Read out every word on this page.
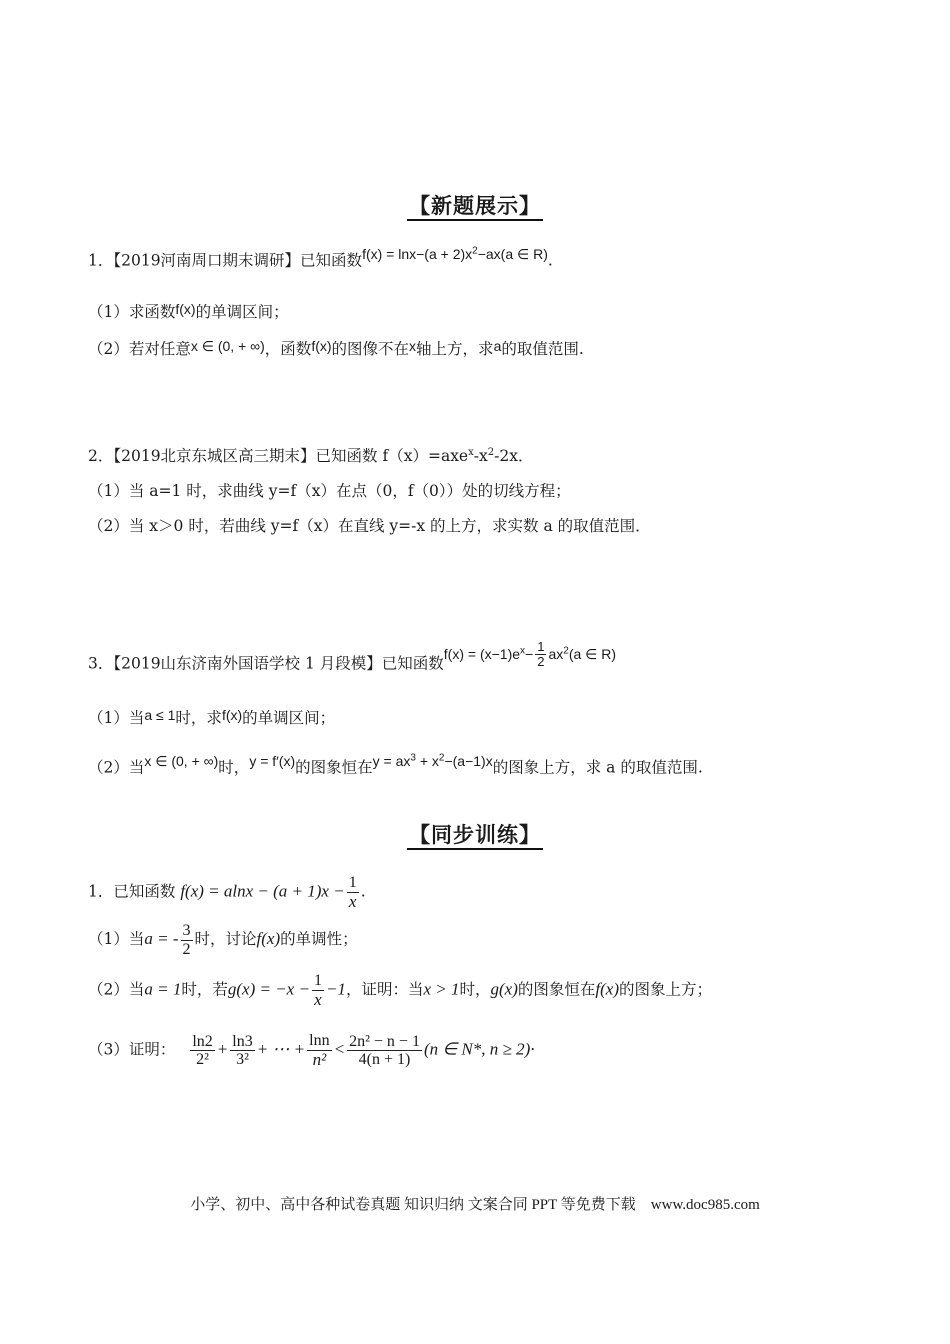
【新题展示】
1．【2019河南周口期末调研】已知函数$f(x) = \ln x-(a + 2)x^2-ax(a$ ∈ R).
（1）求函数f(x)的单调区间；
（2）若对任意x ∈ (0, + ∞)，函数f(x)的图像不在x轴上方，求a的取值范围.
2．【2019北京东城区高三期末】已知函数 $f(x)=axe^x-x^2-2x$．
（1）当 a=1 时，求曲线 y=f（x）在点（0，f（0））处的切线方程；
（2）当 x＞0 时，若曲线 y=f（x）在直线 y=-x 的上方，求实数 a 的取值范围．
3．【2019山东济南外国语学校 1 月段模】已知函数$f(x) = (x-1)e^x- \frac{1}{2} ax^2(a$ ∈ R)
（1）当a ≤ 1时，求f(x)的单调区间；
（2）当x ∈ (0, + ∞)时，y = f′(x)的图象恒在$y = ax^3 + x^2-(a-1)x$的图象上方，求 a 的取值范围.
【同步训练】
1．已知函数 $f(x) = alnx - (a + 1)x - \frac{1}{x}$ .
（1）当a = - $\frac{3}{2}$ 时，讨论f(x)的单调性；
（2）当a = 1时，若$g(x) = -x - \frac{1}{x} -1$，证明：当x > 1时，g(x)的图象恒在f(x)的图象上方；
（3）证明： $\frac{\ln 2}{\text{2²}} + \frac{\ln 3}{\text{3²}}$ + ⋯ + $\frac{\ln n}{\text{n²}} < \frac{\text{2n² − n − 1}}{4(n + 1)} (n$ ∈ N*, n ≥ 2)·
小学、初中、高中各种试卷真题 知识归纳 文案合同 PPT 等免费下载　www.doc985.com
